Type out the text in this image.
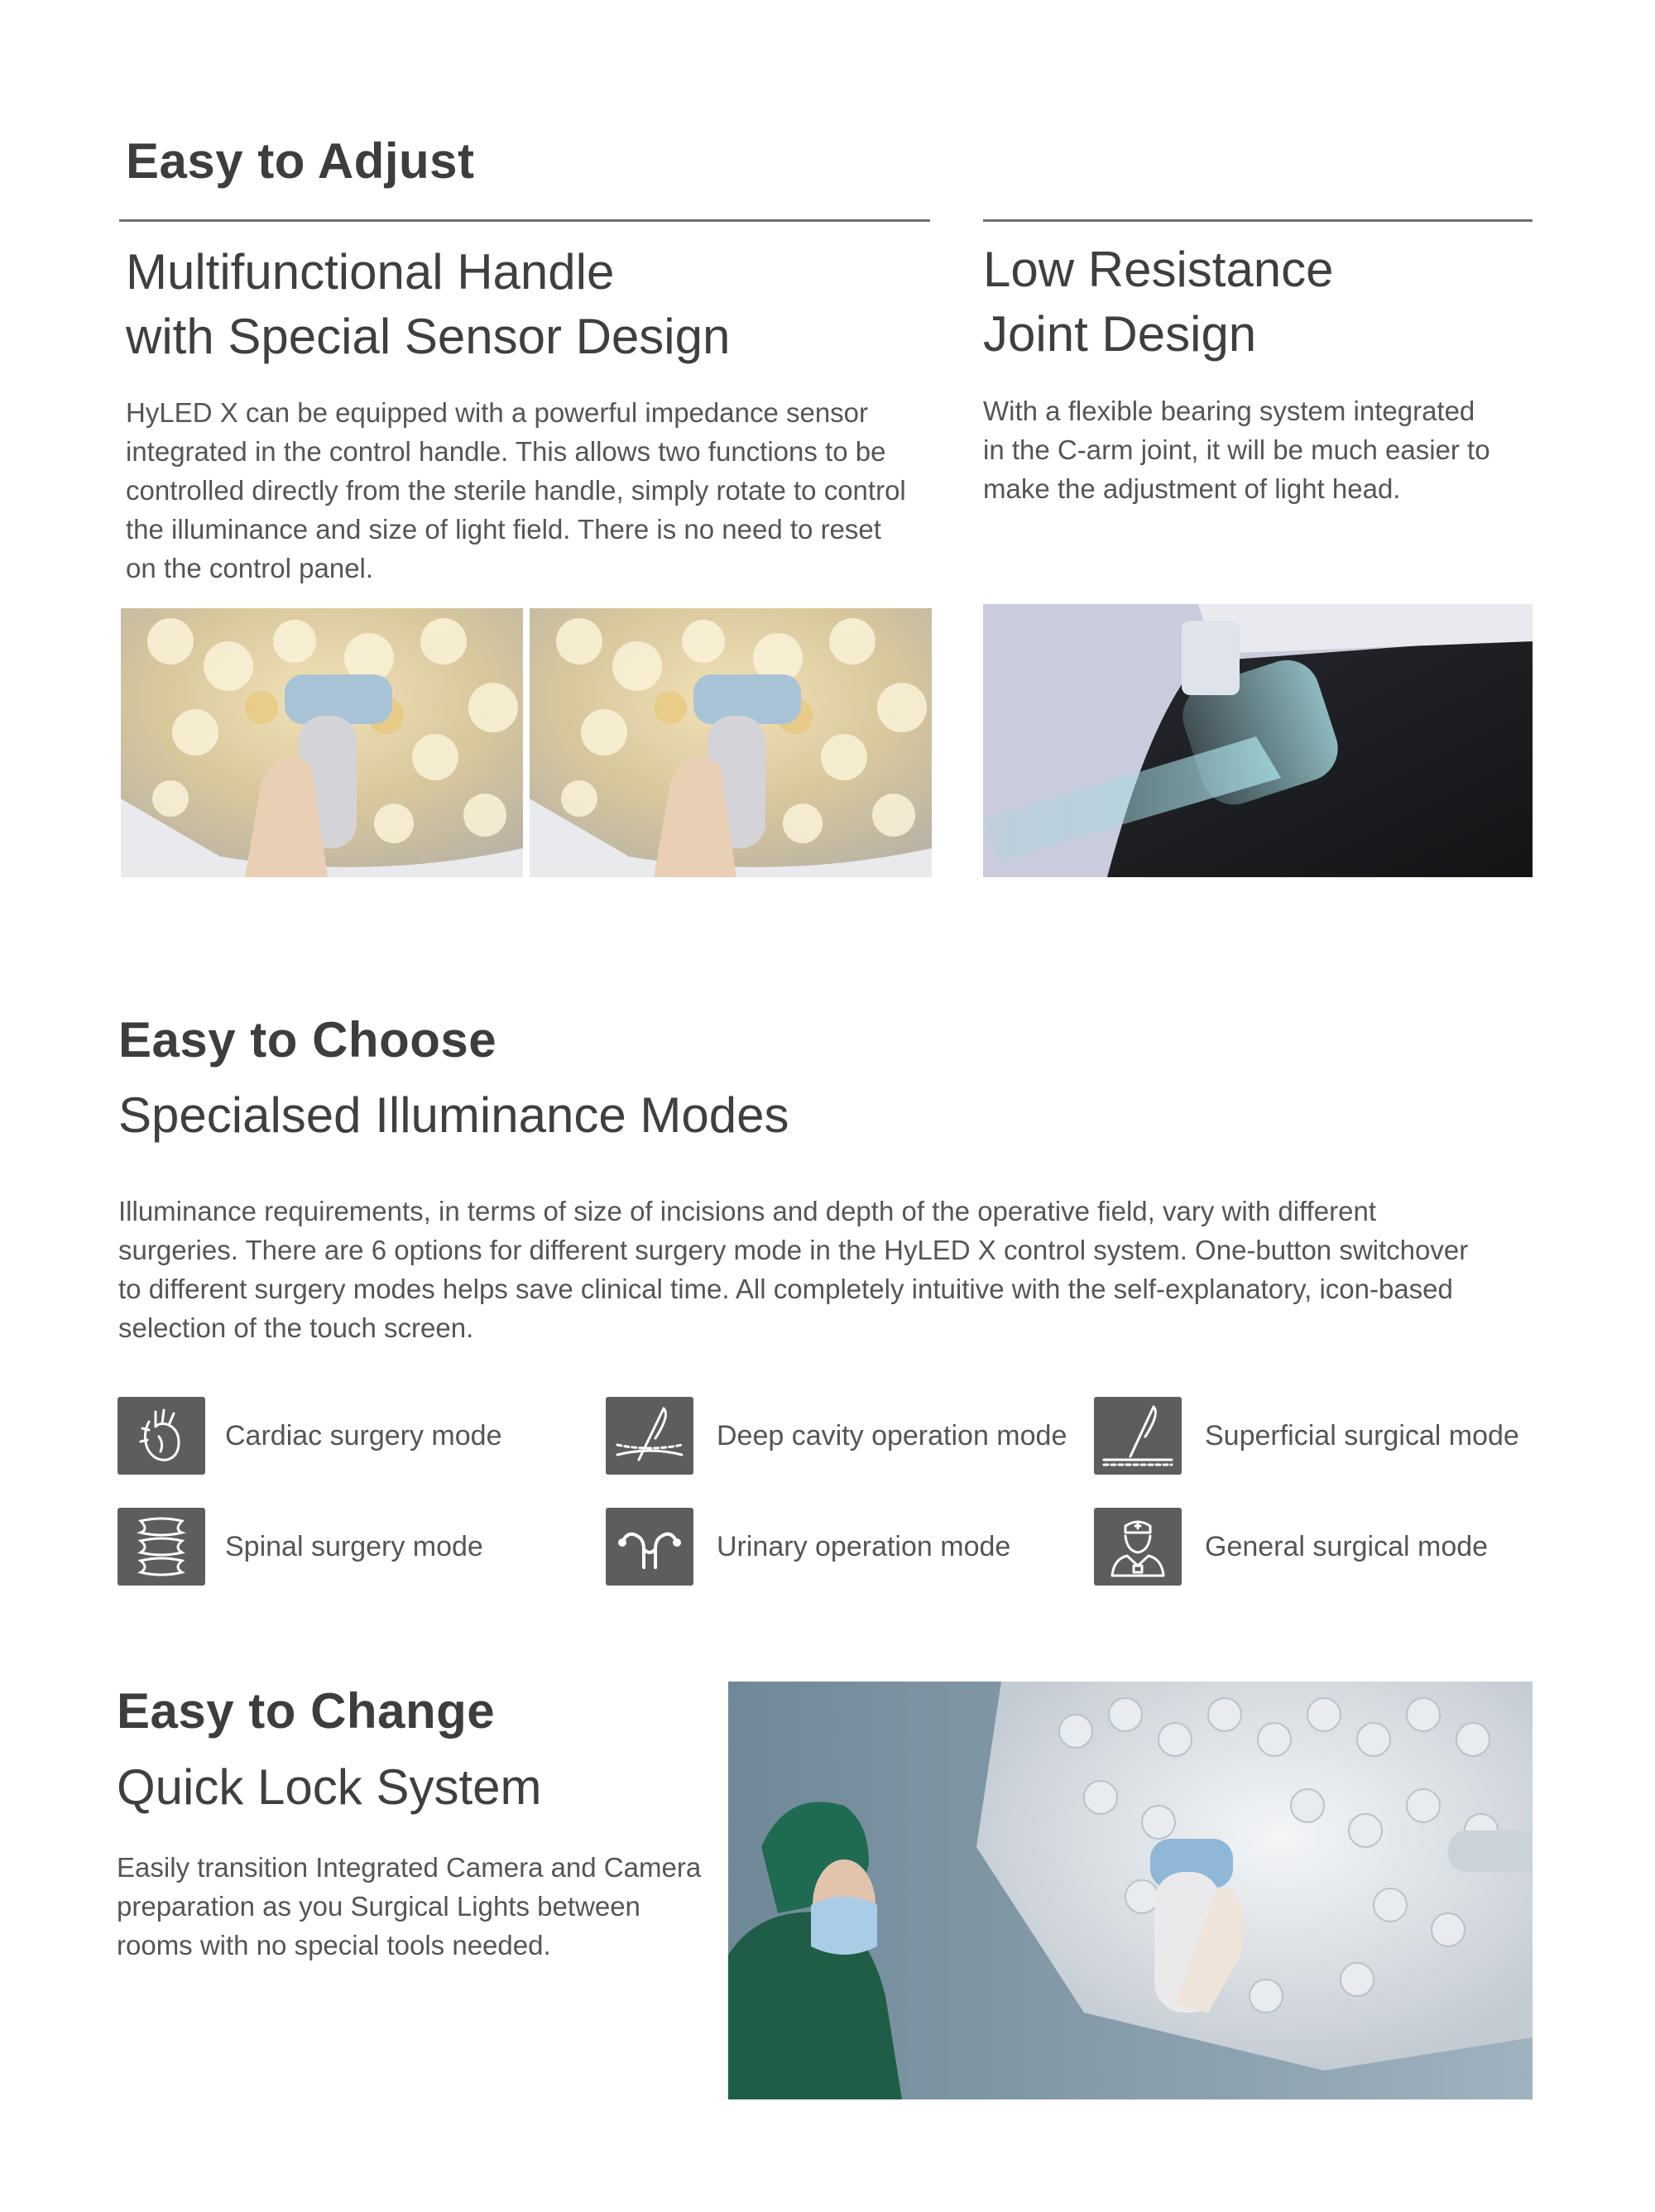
Easy to Adjust
Multifunctional Handle
with Special Sensor Design
HyLED X can be equipped with a powerful impedance sensor integrated in the control handle. This allows two functions to be controlled directly from the sterile handle, simply rotate to control the illuminance and size of light field. There is no need to reset on the control panel.
Low Resistance
Joint Design
With a flexible bearing system integrated in the C-arm joint, it will be much easier to make the adjustment of light head.
Easy to Choose
Specialsed Illuminance Modes
Illuminance requirements, in terms of size of incisions and depth of the operative field, vary with different surgeries. There are 6 options for different surgery mode in the HyLED X control system. One-button switchover to different surgery modes helps save clinical time. All completely intuitive with the self-explanatory, icon-based selection of the touch screen.
Cardiac surgery mode	Deep cavity operation mode	Superficial surgical mode
Spinal surgery mode	Urinary operation mode	General surgical mode
Easy to Change
Quick Lock System
Easily transition Integrated Camera and Camera preparation as you Surgical Lights between rooms with no special tools needed.
